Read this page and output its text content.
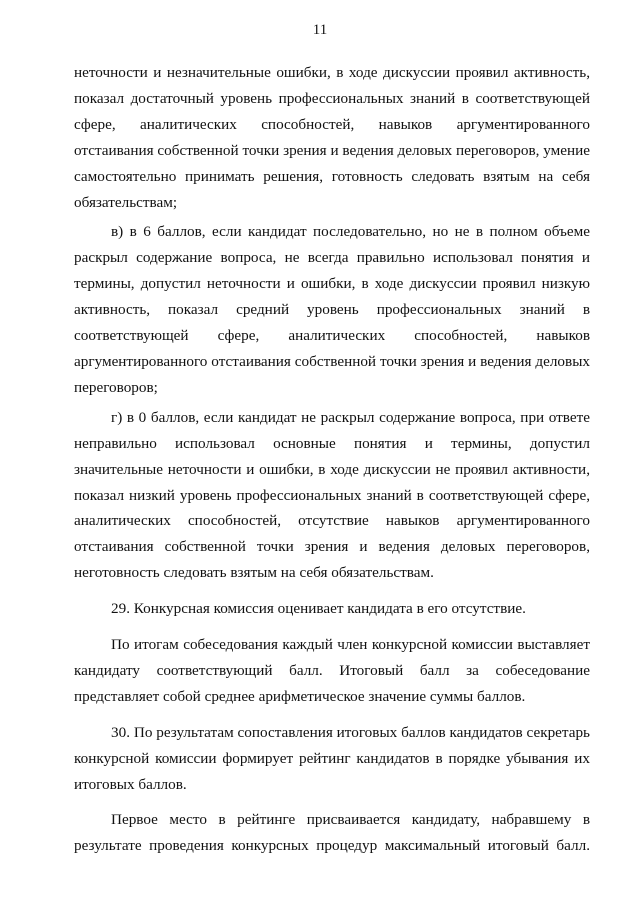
11

неточности и незначительные ошибки, в ходе дискуссии проявил активность, показал достаточный уровень профессиональных знаний в соответствующей сфере, аналитических способностей, навыков аргументированного отстаивания собственной точки зрения и ведения деловых переговоров, умение самостоятельно принимать решения, готовность следовать взятым на себя обязательствам;

в) в 6 баллов, если кандидат последовательно, но не в полном объеме раскрыл содержание вопроса, не всегда правильно использовал понятия и термины, допустил неточности и ошибки, в ходе дискуссии проявил низкую активность, показал средний уровень профессиональных знаний в соответствующей сфере, аналитических способностей, навыков аргументированного отстаивания собственной точки зрения и ведения деловых переговоров;

г) в 0 баллов, если кандидат не раскрыл содержание вопроса, при ответе неправильно использовал основные понятия и термины, допустил значительные неточности и ошибки, в ходе дискуссии не проявил активности, показал низкий уровень профессиональных знаний в соответствующей сфере, аналитических способностей, отсутствие навыков аргументированного отстаивания собственной точки зрения и ведения деловых переговоров, неготовность следовать взятым на себя обязательствам.

29. Конкурсная комиссия оценивает кандидата в его отсутствие.

По итогам собеседования каждый член конкурсной комиссии выставляет кандидату соответствующий балл. Итоговый балл за собеседование представляет собой среднее арифметическое значение суммы баллов.

30. По результатам сопоставления итоговых баллов кандидатов секретарь конкурсной комиссии формирует рейтинг кандидатов в порядке убывания их итоговых баллов.

Первое место в рейтинге присваивается кандидату, набравшему в результате проведения конкурсных процедур максимальный итоговый балл.
